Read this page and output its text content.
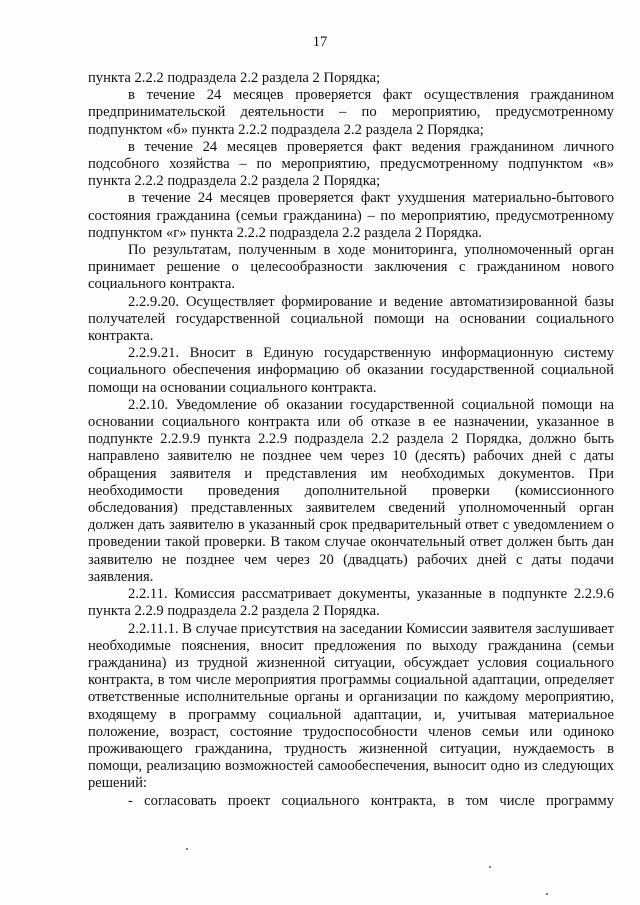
17

пункта 2.2.2 подраздела 2.2 раздела 2 Порядка;

в течение 24 месяцев проверяется факт осуществления гражданином предпринимательской деятельности – по мероприятию, предусмотренному подпунктом «б» пункта 2.2.2 подраздела 2.2 раздела 2 Порядка;

в течение 24 месяцев проверяется факт ведения гражданином личного подсобного хозяйства – по мероприятию, предусмотренному подпунктом «в» пункта 2.2.2 подраздела 2.2 раздела 2 Порядка;

в течение 24 месяцев проверяется факт ухудшения материально-бытового состояния гражданина (семьи гражданина) – по мероприятию, предусмотренному подпунктом «г» пункта 2.2.2 подраздела 2.2 раздела 2 Порядка.

По результатам, полученным в ходе мониторинга, уполномоченный орган принимает решение о целесообразности заключения с гражданином нового социального контракта.

2.2.9.20. Осуществляет формирование и ведение автоматизированной базы получателей государственной социальной помощи на основании социального контракта.

2.2.9.21. Вносит в Единую государственную информационную систему социального обеспечения информацию об оказании государственной социальной помощи на основании социального контракта.

2.2.10. Уведомление об оказании государственной социальной помощи на основании социального контракта или об отказе в ее назначении, указанное в подпункте 2.2.9.9 пункта 2.2.9 подраздела 2.2 раздела 2 Порядка, должно быть направлено заявителю не позднее чем через 10 (десять) рабочих дней с даты обращения заявителя и представления им необходимых документов. При необходимости проведения дополнительной проверки (комиссионного обследования) представленных заявителем сведений уполномоченный орган должен дать заявителю в указанный срок предварительный ответ с уведомлением о проведении такой проверки. В таком случае окончательный ответ должен быть дан заявителю не позднее чем через 20 (двадцать) рабочих дней с даты подачи заявления.

2.2.11. Комиссия рассматривает документы, указанные в подпункте 2.2.9.6 пункта 2.2.9 подраздела 2.2 раздела 2 Порядка.

2.2.11.1. В случае присутствия на заседании Комиссии заявителя заслушивает необходимые пояснения, вносит предложения по выходу гражданина (семьи гражданина) из трудной жизненной ситуации, обсуждает условия социального контракта, в том числе мероприятия программы социальной адаптации, определяет ответственные исполнительные органы и организации по каждому мероприятию, входящему в программу социальной адаптации, и, учитывая материальное положение, возраст, состояние трудоспособности членов семьи или одиноко проживающего гражданина, трудность жизненной ситуации, нуждаемость в помощи, реализацию возможностей самообеспечения, выносит одно из следующих решений:

- согласовать проект социального контракта, в том числе программу
